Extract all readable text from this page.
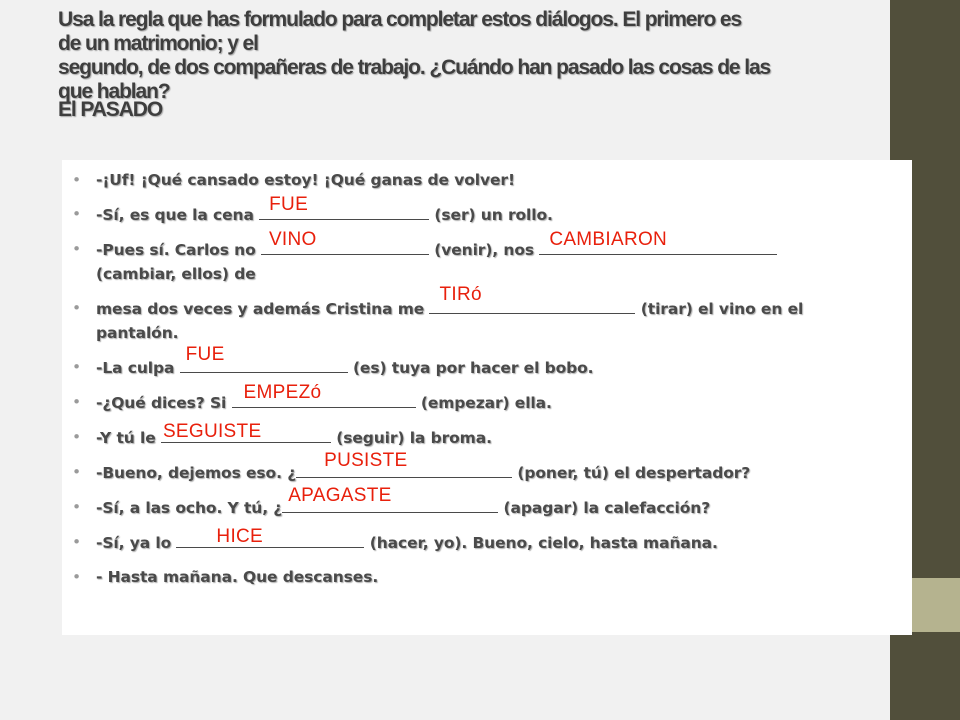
Usa la regla que has formulado para completar estos diálogos. El primero es
de un matrimonio; y el
segundo, de dos compañeras de trabajo. ¿Cuándo han pasado las cosas de las
que hablan?
El PASADO
• -¡Uf! ¡Qué cansado estoy! ¡Qué ganas de volver!
• -Sí, es que la cena FUE	(ser) un rollo.
• -Pues sí. Carlos no VINO	(venir), nos CAMBIARON

(cambiar, ellos) de
• mesa dos veces y además Cristina me
TIRó
(tirar) el vino en el pantalón.
• -La culpa
FUE
(es) tuya por hacer el bobo.
• -¿Qué dices? Si EMPEZó	(empezar) ella.
• -Y tú le SEGUISTE	(seguir) la broma.
• -Bueno, dejemos eso. ¿
PUSISTE
(poner, tú) el despertador?
• -Sí, a las ocho. Y tú, ¿
APAGASTE
(apagar) la calefacción?
• -Sí, ya lo HICE	(hacer, yo). Bueno, cielo, hasta mañana.
• - Hasta mañana. Que descanses.
